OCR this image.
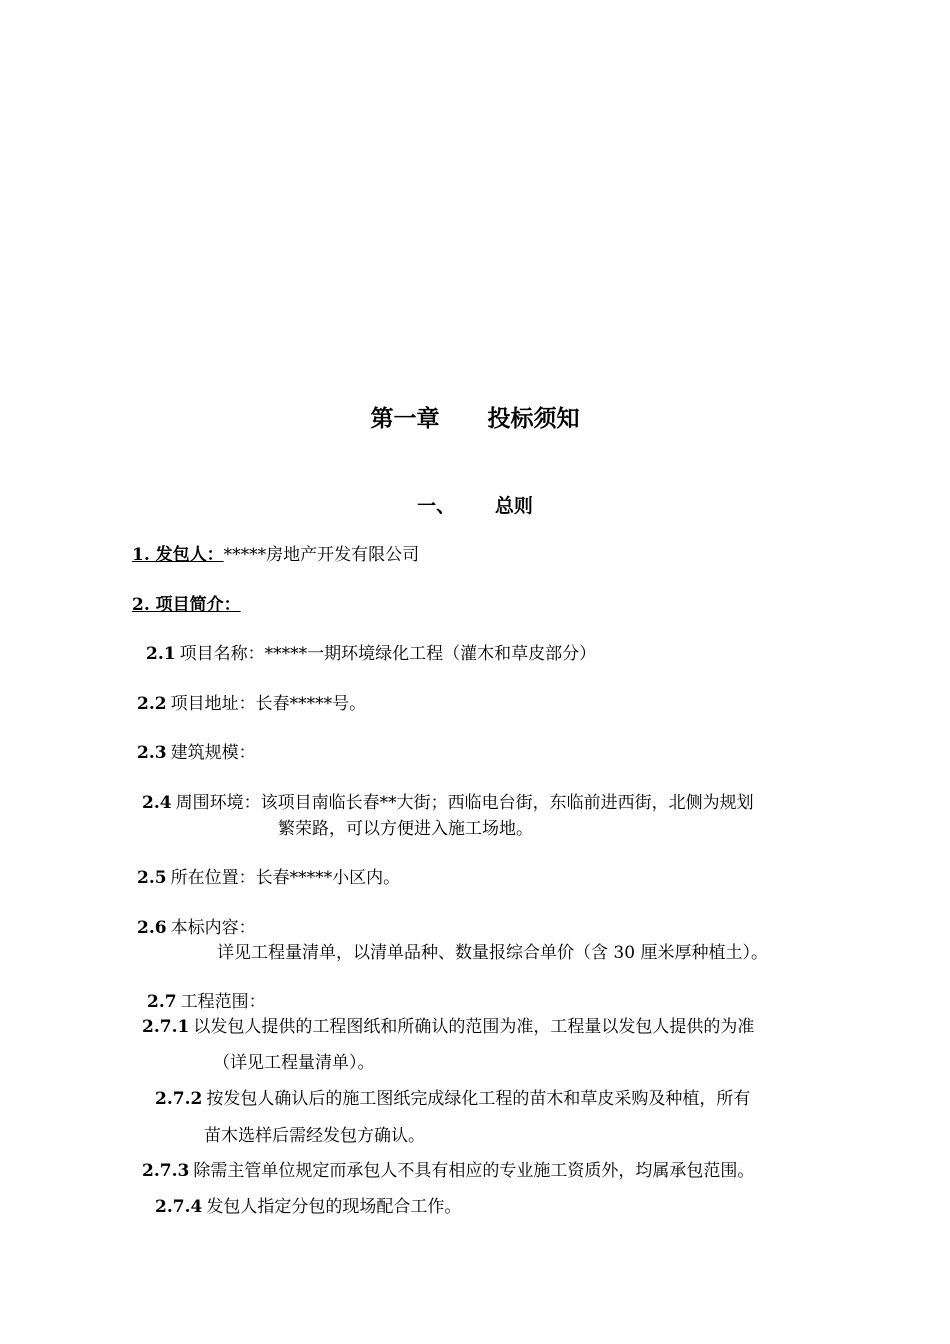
第一章      投标须知
一、      总则
1. 发包人：*****房地产开发有限公司
2. 项目简介：
2.1 项目名称：*****一期环境绿化工程（灌木和草皮部分）
2.2 项目地址：长春*****号。
2.3 建筑规模：
2.4 周围环境：该项目南临长春**大街；西临电台街，东临前进西街，北侧为规划
繁荣路，可以方便进入施工场地。
2.5 所在位置：长春*****小区内。
2.6 本标内容：
详见工程量清单，以清单品种、数量报综合单价（含 30 厘米厚种植土）。
2.7 工程范围：
2.7.1 以发包人提供的工程图纸和所确认的范围为准，工程量以发包人提供的为准
（详见工程量清单）。
2.7.2 按发包人确认后的施工图纸完成绿化工程的苗木和草皮采购及种植，所有
苗木选样后需经发包方确认。
2.7.3 除需主管单位规定而承包人不具有相应的专业施工资质外，均属承包范围。
2.7.4 发包人指定分包的现场配合工作。
